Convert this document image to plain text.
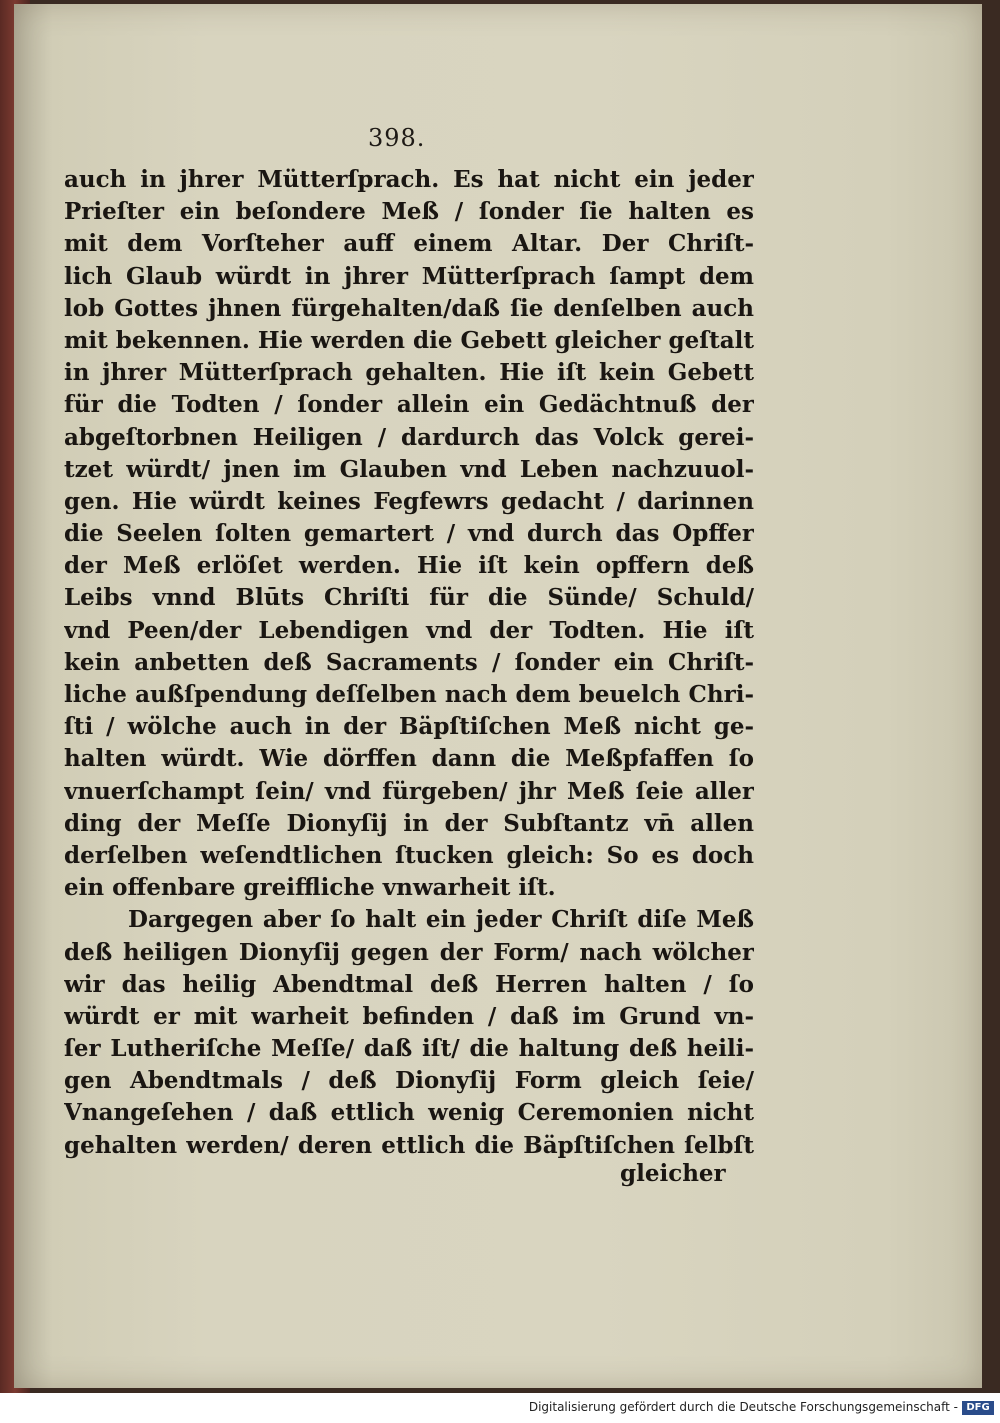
398.
auch in jhrer Mütterſprach. Es hat nicht ein jeder
Prieſter ein beſondere Meß / ſonder ſie halten es
mit dem Vorſteher auff einem Altar. Der Chriſt-
lich Glaub würdt in jhrer Mütterſprach ſampt dem
lob Gottes jhnen fürgehalten/daß ſie denſelben auch
mit bekennen. Hie werden die Gebett gleicher geſtalt
in jhrer Mütterſprach gehalten. Hie iſt kein Gebett
für die Todten / ſonder allein ein Gedächtnuß der
abgeſtorbnen Heiligen / dardurch das Volck gerei-
tzet würdt/ jnen im Glauben vnd Leben nachzuuol-
gen. Hie würdt keines Fegfewrs gedacht / darinnen
die Seelen ſolten gemartert / vnd durch das Opffer
der Meß erlöſet werden. Hie iſt kein opffern deß
Leibs vnnd Blūts Chriſti für die Sünde/ Schuld/
vnd Peen/der Lebendigen vnd der Todten. Hie iſt
kein anbetten deß Sacraments / ſonder ein Chriſt-
liche außſpendung deſſelben nach dem beuelch Chri-
ſti / wölche auch in der Bäpſtiſchen Meß nicht ge-
halten würdt. Wie dörffen dann die Meßpfaffen ſo
vnuerſchampt ſein/ vnd fürgeben/ jhr Meß ſeie aller
ding der Meſſe Dionyſij in der Subſtantz vn̄ allen
derſelben weſendtlichen ſtucken gleich: So es doch
ein offenbare greiffliche vnwarheit iſt.
Dargegen aber ſo halt ein jeder Chriſt diſe Meß
deß heiligen Dionyſij gegen der Form/ nach wölcher
wir das heilig Abendtmal deß Herren halten / ſo
würdt er mit warheit befinden / daß im Grund vn-
ſer Lutheriſche Meſſe/ daß iſt/ die haltung deß heili-
gen Abendtmals / deß Dionyſij Form gleich ſeie/
Vnangeſehen / daß ettlich wenig Ceremonien nicht
gehalten werden/ deren ettlich die Bäpſtiſchen ſelbſt
gleicher
Digitalisierung gefördert durch die Deutsche Forschungsgemeinschaft - DFG
